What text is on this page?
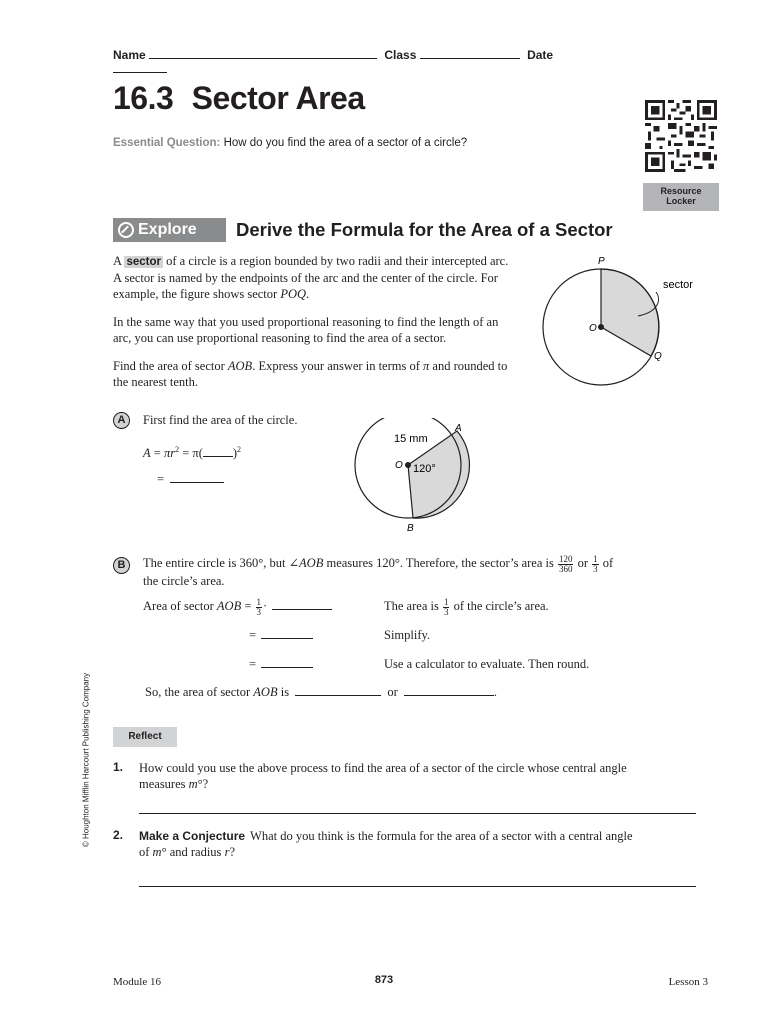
Name	Class	Date
16.3 Sector Area
Essential Question: How do you find the area of a sector of a circle?
Resource
Locker
Explore	Derive the Formula for the Area of a Sector
A sector of a circle is a region bounded by two radii and their intercepted arc.
A sector is named by the endpoints of the arc and the center of the circle. For
example, the figure shows sector POQ.
In the same way that you used proportional reasoning to find the length of an
arc, you can use proportional reasoning to find the area of a sector.
Find the area of sector AOB. Express your answer in terms of π and rounded to
the nearest tenth.
P
O
Q
sector
A	First find the area of the circle.
$A = \pi r^2 = \pi$( )$^2$
=
15 mm
O 120°
A
B
B	The entire circle is 360°, but ∠AOB measures 120°. Therefore, the sector’s area is $\frac{120}{360}$ or $\frac{1}{3}$ of
the circle’s area.
Area of sector AOB = $\frac{1}{3}$ ·	The area is $\frac{1}{3}$ of the circle’s area.
=	Simplify.
=	Use a calculator to evaluate. Then round.
So, the area of sector AOB is	or	.
Reflect
1. How could you use the above process to find the area of a sector of the circle whose central angle
measures m°?
2. Make a Conjecture What do you think is the formula for the area of a sector with a central angle
of m° and radius r?
© Houghton Mifflin Harcourt Publishing Company
Module 16	873	Lesson 3
